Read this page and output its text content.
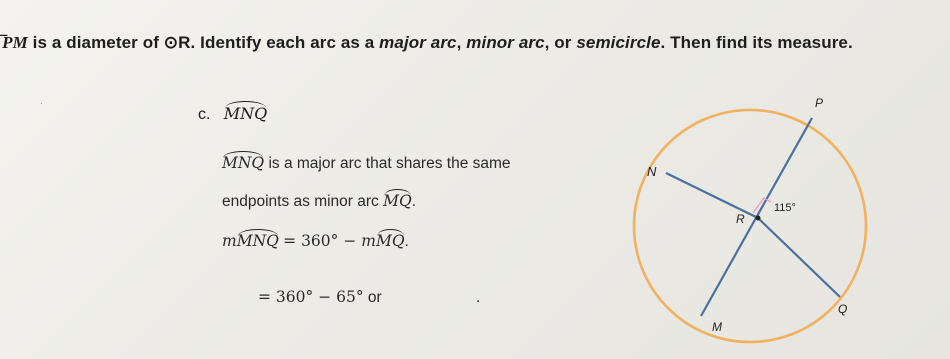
̅PM is a diameter of ⊙R. Identify each arc as a major arc, minor arc, or semicircle. Then find its measure.
c. MNQ
MNQ is a major arc that shares the same
endpoints as minor arc MQ.
mMNQ = 360° − mMQ.
= 360° − 65° or	.
·	P
N
R
Q
M
115°
